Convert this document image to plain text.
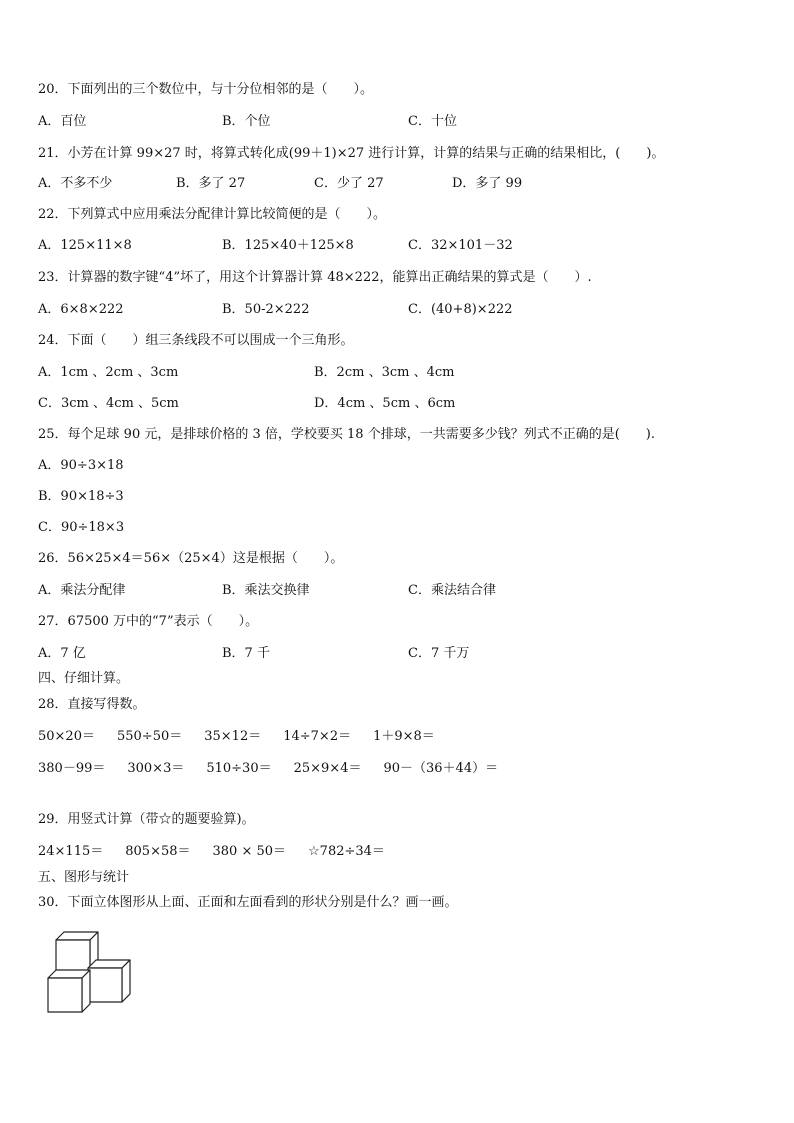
20．下面列出的三个数位中，与十分位相邻的是（　　）。
A．百位	B．个位	C．十位
21．小芳在计算 99×27 时，将算式转化成(99＋1)×27 进行计算，计算的结果与正确的结果相比，(　　)。
A．不多不少	B．多了 27	C．少了 27	D．多了 99
22．下列算式中应用乘法分配律计算比较简便的是（　　）。
A．125×11×8	B．125×40＋125×8	C．32×101－32
23．计算器的数字键“4”坏了，用这个计算器计算 48×222，能算出正确结果的算式是（　　）.
A．6×8×222	B．50-2×222	C．(40+8)×222
24．下面（　　）组三条线段不可以围成一个三角形。
A．1cm 、2cm 、3cm	B．2cm 、3cm 、4cm
C．3cm 、4cm 、5cm	D．4cm 、5cm 、6cm
25．每个足球 90 元，是排球价格的 3 倍，学校要买 18 个排球，一共需要多少钱？列式不正确的是(　　).
A．90÷3×18
B．90×18÷3
C．90÷18×3
26．56×25×4＝56×（25×4）这是根据（　　）。
A．乘法分配律	B．乘法交换律	C．乘法结合律
27．67500 万中的“7”表示（　　）。
A．7 亿	B．7 千	C．7 千万
四、仔细计算。
28．直接写得数。
50×20＝ 550÷50＝ 35×12＝ 14÷7×2＝ 1＋9×8＝
380－99＝ 300×3＝ 510÷30＝ 25×9×4＝ 90－（36＋44）＝
29．用竖式计算（带☆的题要验算)。
24×115＝ 805×58＝ 380 × 50＝ ☆782÷34＝
五、图形与统计
30．下面立体图形从上面、正面和左面看到的形状分别是什么？画一画。
